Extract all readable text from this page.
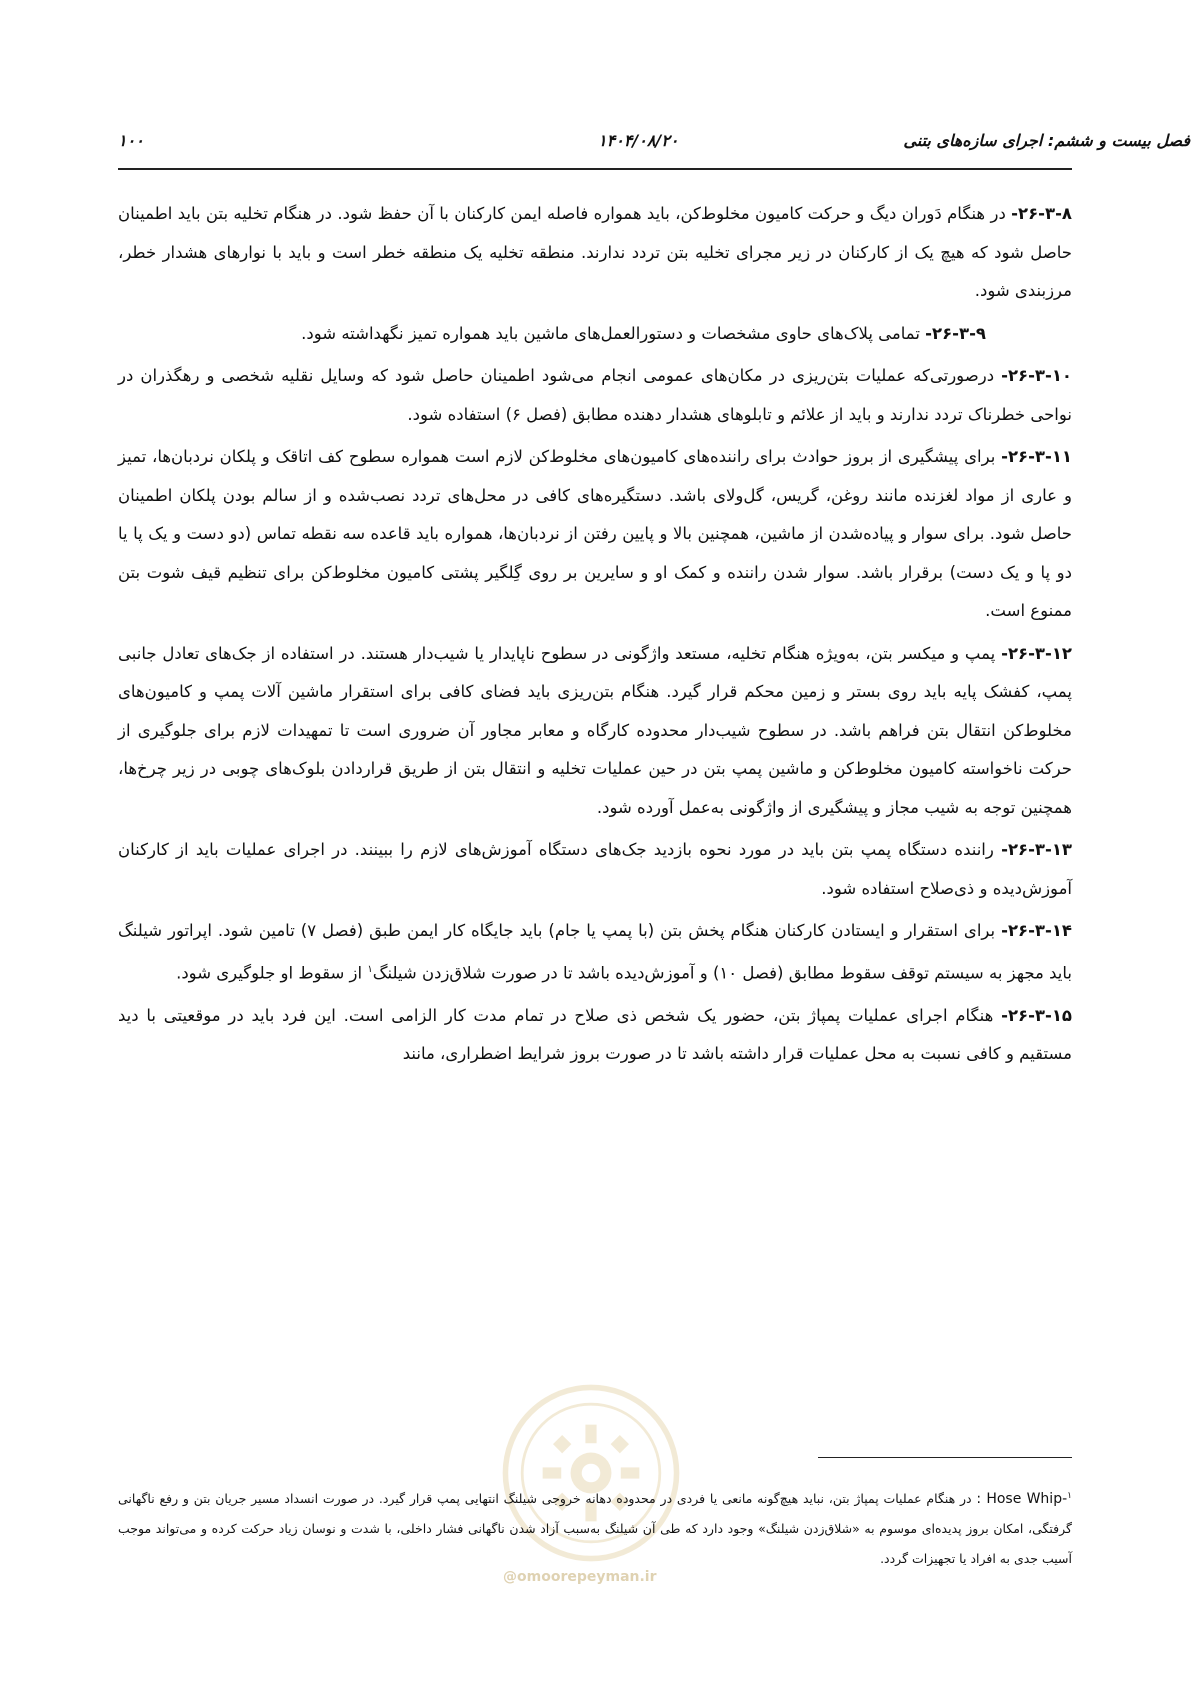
فصل بیست و ششم: اجرای سازه‌های بتنی
۱۴۰۴/۰۸/۲۰
۱۰۰

۲۶-۳-۸- در هنگام دَوران دیگ و حرکت کامیون مخلوط‌کن، باید همواره فاصله ایمن کارکنان با آن حفظ شود. در هنگام تخلیه بتن باید اطمینان حاصل شود که هیچ یک از کارکنان در زیر مجرای تخلیه بتن تردد ندارند. منطقه تخلیه یک منطقه خطر است و باید با نوارهای هشدار خطر، مرزبندی شود.

۲۶-۳-۹- تمامی پلاک‌های حاوی مشخصات و دستورالعمل‌های ماشین باید همواره تمیز نگهداشته شود.

۲۶-۳-۱۰- درصورتی‌که عملیات بتن‌ریزی در مکان‌های عمومی انجام می‌شود اطمینان حاصل شود که وسایل نقلیه شخصی و رهگذران در نواحی خطرناک تردد ندارند و باید از علائم و تابلوهای هشدار دهنده مطابق (فصل ۶) استفاده شود.

۲۶-۳-۱۱- برای پیشگیری از بروز حوادث برای راننده‌های کامیون‌های مخلوط‌کن لازم است همواره سطوح کف اتاقک و پلکان نردبان‌ها، تمیز و عاری از مواد لغزنده مانند روغن، گریس، گل‌ولای باشد. دستگیره‌های کافی در محل‌های تردد نصب‌شده و از سالم بودن پلکان اطمینان حاصل شود. برای سوار و پیاده‌شدن از ماشین، همچنین بالا و پایین رفتن از نردبان‌ها، همواره باید قاعده سه نقطه تماس (دو دست و یک پا یا دو پا و یک دست) برقرار باشد. سوار شدن راننده و کمک او و سایرین بر روی گِلگیر پشتی کامیون مخلوط‌کن برای تنظیم قیف شوت بتن ممنوع است.

۲۶-۳-۱۲- پمپ و میکسر بتن، به‌ویژه هنگام تخلیه، مستعد واژگونی در سطوح ناپایدار یا شیب‌دار هستند. در استفاده از جک‌های تعادل جانبی پمپ، کفشک پایه باید روی بستر و زمین محکم قرار گیرد. هنگام بتن‌ریزی باید فضای کافی برای استقرار ماشین آلات پمپ و کامیون‌های مخلوط‌کن انتقال بتن فراهم باشد. در سطوح شیب‌دار محدوده کارگاه و معابر مجاور آن ضروری است تا تمهیدات لازم برای جلوگیری از حرکت ناخواسته کامیون مخلوط‌کن و ماشین پمپ بتن در حین عملیات تخلیه و انتقال بتن از طریق قراردادن بلوک‌های چوبی در زیر چرخ‌ها، همچنین توجه به شیب مجاز و پیشگیری از واژگونی به‌عمل آورده شود.

۲۶-۳-۱۳- راننده دستگاه پمپ بتن باید در مورد نحوه بازدید جک‌های دستگاه آموزش‌های لازم را ببینند. در اجرای عملیات باید از کارکنان آموزش‌دیده و ذی‌صلاح استفاده شود.

۲۶-۳-۱۴- برای استقرار و ایستادن کارکنان هنگام پخش بتن (با پمپ یا جام) باید جایگاه کار ایمن طبق (فصل ۷) تامین شود. اپراتور شیلنگ باید مجهز به سیستم توقف سقوط مطابق (فصل ۱۰) و آموزش‌دیده باشد تا در صورت شلاق‌زدن شیلنگ$^۱$ از سقوط او جلوگیری شود.

۲۶-۳-۱۵- هنگام اجرای عملیات پمپاژ بتن، حضور یک شخص ذی صلاح در تمام مدت کار الزامی است. این فرد باید در موقعیتی با دید مستقیم و کافی نسبت به محل عملیات قرار داشته باشد تا در صورت بروز شرایط اضطراری، مانند

@omoorepeyman.ir
$^۱$-Hose Whip : در هنگام عملیات پمپاژ بتن، نباید هیچ‌گونه مانعی یا فردی در محدوده دهانه خروجی شیلنگ انتهایی پمپ قرار گیرد. در صورت انسداد مسیر جریان بتن و رفع ناگهانی گرفتگی، امکان بروز پدیده‌ای موسوم به «شلاق‌زدن شیلنگ» وجود دارد که طی آن شیلنگ به‌سبب آزاد شدن ناگهانی فشار داخلی، با شدت و نوسان زیاد حرکت کرده و می‌تواند موجب آسیب جدی به افراد یا تجهیزات گردد.
